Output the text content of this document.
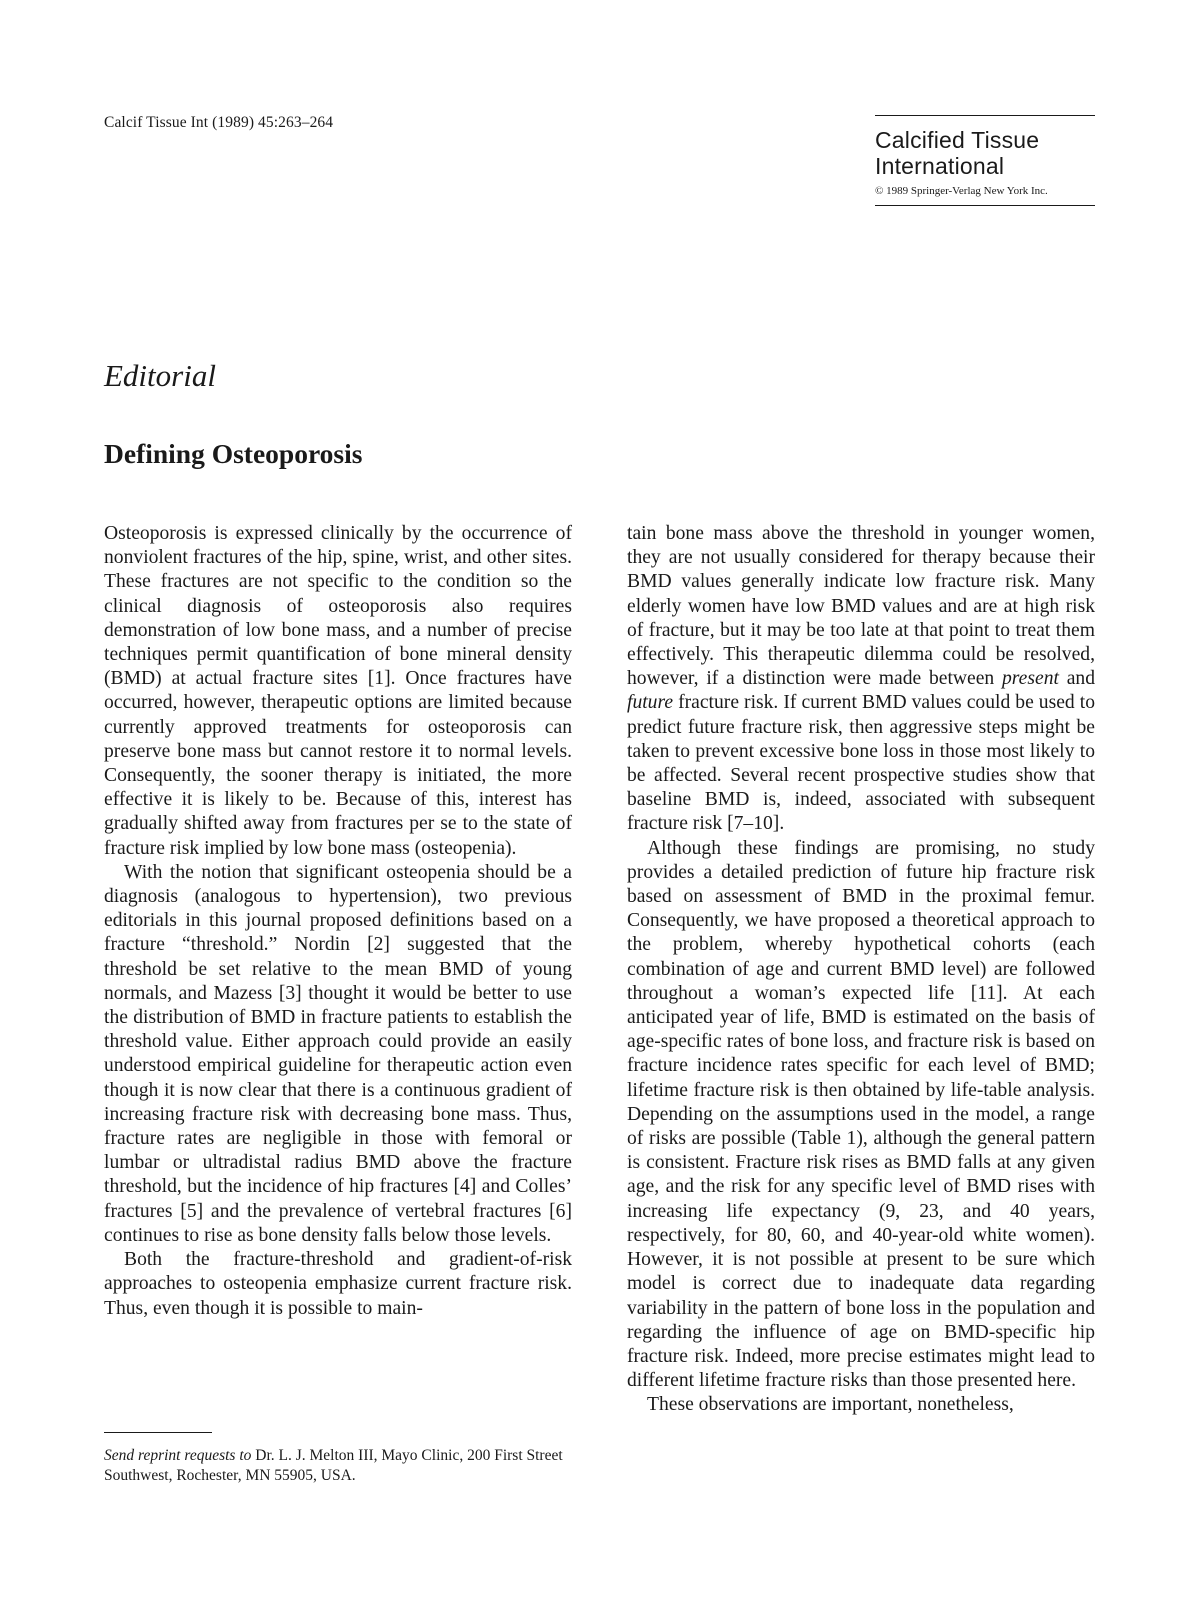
Calcif Tissue Int (1989) 45:263–264
Calcified Tissue
International
© 1989 Springer-Verlag New York Inc.
Editorial
Defining Osteoporosis

Osteoporosis is expressed clinically by the occurrence of nonviolent fractures of the hip, spine, wrist, and other sites. These fractures are not specific to the condition so the clinical diagnosis of osteoporosis also requires demonstration of low bone mass, and a number of precise techniques permit quantification of bone mineral density (BMD) at actual fracture sites [1]. Once fractures have occurred, however, therapeutic options are limited because currently approved treatments for osteoporosis can preserve bone mass but cannot restore it to normal levels. Consequently, the sooner therapy is initiated, the more effective it is likely to be. Because of this, interest has gradually shifted away from fractures per se to the state of fracture risk implied by low bone mass (osteopenia).

With the notion that significant osteopenia should be a diagnosis (analogous to hypertension), two previous editorials in this journal proposed definitions based on a fracture “threshold.” Nordin [2] suggested that the threshold be set relative to the mean BMD of young normals, and Mazess [3] thought it would be better to use the distribution of BMD in fracture patients to establish the threshold value. Either approach could provide an easily understood empirical guideline for therapeutic action even though it is now clear that there is a continuous gradient of increasing fracture risk with decreasing bone mass. Thus, fracture rates are negligible in those with femoral or lumbar or ultradistal radius BMD above the fracture threshold, but the incidence of hip fractures [4] and Colles’ fractures [5] and the prevalence of vertebral fractures [6] continues to rise as bone density falls below those levels.

Both the fracture-threshold and gradient-of-risk approaches to osteopenia emphasize current fracture risk. Thus, even though it is possible to main-

tain bone mass above the threshold in younger women, they are not usually considered for therapy because their BMD values generally indicate low fracture risk. Many elderly women have low BMD values and are at high risk of fracture, but it may be too late at that point to treat them effectively. This therapeutic dilemma could be resolved, however, if a distinction were made between present and future fracture risk. If current BMD values could be used to predict future fracture risk, then aggressive steps might be taken to prevent excessive bone loss in those most likely to be affected. Several recent prospective studies show that baseline BMD is, indeed, associated with subsequent fracture risk [7–10].

Although these findings are promising, no study provides a detailed prediction of future hip fracture risk based on assessment of BMD in the proximal femur. Consequently, we have proposed a theoretical approach to the problem, whereby hypothetical cohorts (each combination of age and current BMD level) are followed throughout a woman’s expected life [11]. At each anticipated year of life, BMD is estimated on the basis of age-specific rates of bone loss, and fracture risk is based on fracture incidence rates specific for each level of BMD; lifetime fracture risk is then obtained by life-table analysis. Depending on the assumptions used in the model, a range of risks are possible (Table 1), although the general pattern is consistent. Fracture risk rises as BMD falls at any given age, and the risk for any specific level of BMD rises with increasing life expectancy (9, 23, and 40 years, respectively, for 80, 60, and 40-year-old white women). However, it is not possible at present to be sure which model is correct due to inadequate data regarding variability in the pattern of bone loss in the population and regarding the influence of age on BMD-specific hip fracture risk. Indeed, more precise estimates might lead to different lifetime fracture risks than those presented here.

These observations are important, nonetheless,

Send reprint requests to Dr. L. J. Melton III, Mayo Clinic, 200 First Street Southwest, Rochester, MN 55905, USA.
